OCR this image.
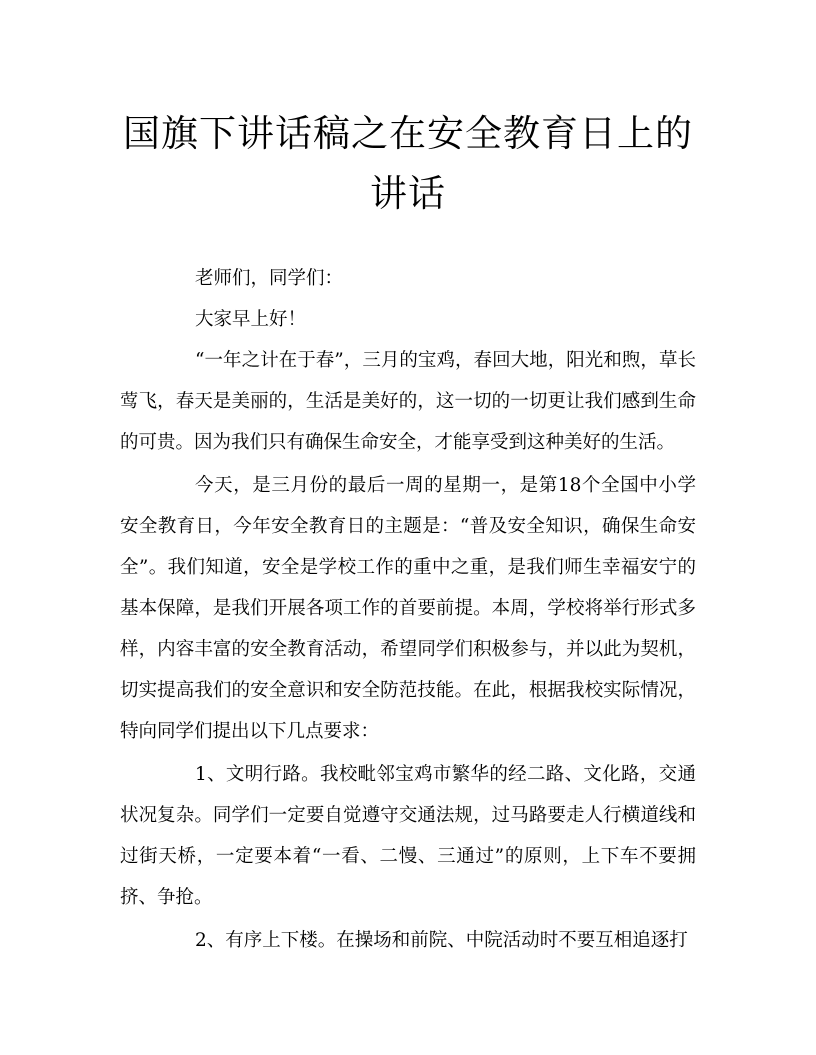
国旗下讲话稿之在安全教育日上的讲话

老师们，同学们：

大家早上好！

“一年之计在于春”，三月的宝鸡，春回大地，阳光和煦，草长莺飞，春天是美丽的，生活是美好的，这一切的一切更让我们感到生命的可贵。因为我们只有确保生命安全，才能享受到这种美好的生活。

今天，是三月份的最后一周的星期一，是第18个全国中小学安全教育日，今年安全教育日的主题是：“普及安全知识，确保生命安全”。我们知道，安全是学校工作的重中之重，是我们师生幸福安宁的基本保障，是我们开展各项工作的首要前提。本周，学校将举行形式多样，内容丰富的安全教育活动，希望同学们积极参与，并以此为契机，切实提高我们的安全意识和安全防范技能。在此，根据我校实际情况，特向同学们提出以下几点要求：

1、文明行路。我校毗邻宝鸡市繁华的经二路、文化路，交通状况复杂。同学们一定要自觉遵守交通法规，过马路要走人行横道线和过街天桥，一定要本着“一看、二慢、三通过”的原则，上下车不要拥挤、争抢。

2、有序上下楼。在操场和前院、中院活动时不要互相追逐打
